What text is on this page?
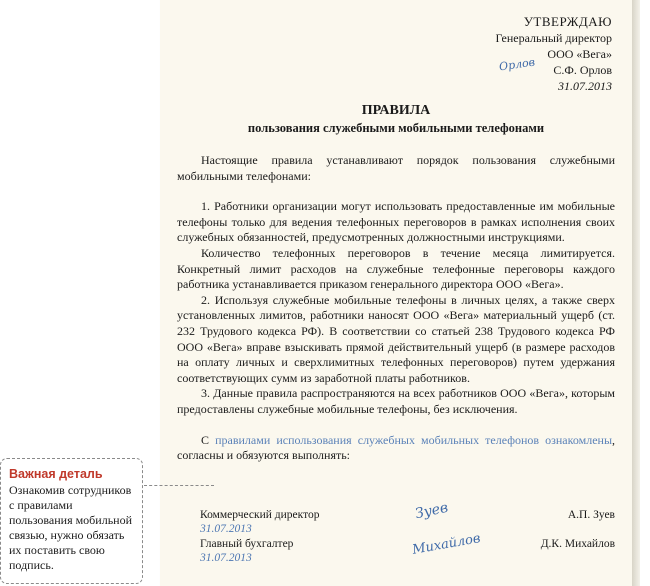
УТВЕРЖДАЮ
Генеральный директор
ООО «Вега»
С.Ф. Орлов
31.07.2013
Орлов
ПРАВИЛА
пользования служебными мобильными телефонами

Настоящие правила устанавливают порядок пользования служебными мобильными телефонами:

1. Работники организации могут использовать предоставленные им мобильные телефоны только для ведения телефонных переговоров в рамках исполнения своих служебных обязанностей, предусмотренных должностными инструкциями.

Количество телефонных переговоров в течение месяца лимитируется. Конкретный лимит расходов на служебные телефонные переговоры каждого работника устанавливается приказом генерального директора ООО «Вега».

2. Используя служебные мобильные телефоны в личных целях, а также сверх установленных лимитов, работники наносят ООО «Вега» материальный ущерб (ст. 232 Трудового кодекса РФ). В соответствии со статьей 238 Трудового кодекса РФ ООО «Вега» вправе взыскивать прямой действительный ущерб (в размере расходов на оплату личных и сверхлимитных телефонных переговоров) путем удержания соответствующих сумм из заработной платы работников.

3. Данные правила распространяются на всех работников ООО «Вега», которым предоставлены служебные мобильные телефоны, без исключения.

С правилами использования служебных мобильных телефонов ознакомлены, согласны и обязуются выполнять:

Коммерческий директор
31.07.2013
А.П. Зуев
Главный бухгалтер
31.07.2013
Д.К. Михайлов
Зуев
Михайлов
Важная деталь
Ознакомив сотрудников с правилами пользования мобильной связью, нужно обязать их поставить свою подпись.
